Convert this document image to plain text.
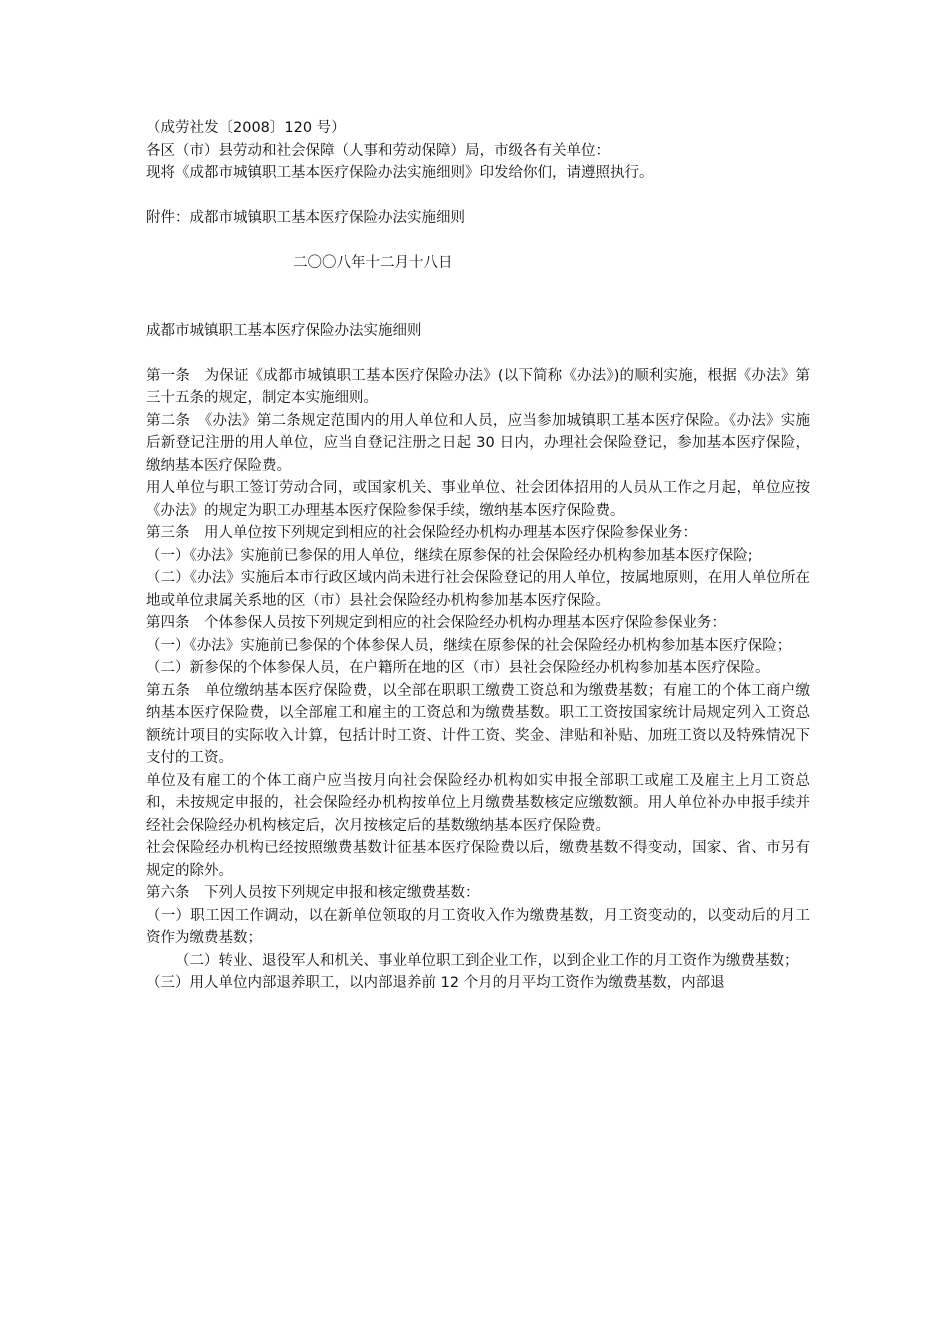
（成劳社发〔2008〕120 号）

各区（市）县劳动和社会保障（人事和劳动保障）局，市级各有关单位：

现将《成都市城镇职工基本医疗保险办法实施细则》印发给你们，请遵照执行。

附件：成都市城镇职工基本医疗保险办法实施细则

二〇〇八年十二月十八日

成都市城镇职工基本医疗保险办法实施细则

第一条　为保证《成都市城镇职工基本医疗保险办法》(以下简称《办法》)的顺利实施，根据《办法》第三十五条的规定，制定本实施细则。

第二条　《办法》第二条规定范围内的用人单位和人员，应当参加城镇职工基本医疗保险。《办法》实施后新登记注册的用人单位，应当自登记注册之日起 30 日内，办理社会保险登记，参加基本医疗保险，缴纳基本医疗保险费。

用人单位与职工签订劳动合同，或国家机关、事业单位、社会团体招用的人员从工作之月起，单位应按《办法》的规定为职工办理基本医疗保险参保手续，缴纳基本医疗保险费。

第三条　用人单位按下列规定到相应的社会保险经办机构办理基本医疗保险参保业务：

（一）《办法》实施前已参保的用人单位，继续在原参保的社会保险经办机构参加基本医疗保险;

（二）《办法》实施后本市行政区域内尚未进行社会保险登记的用人单位，按属地原则，在用人单位所在地或单位隶属关系地的区（市）县社会保险经办机构参加基本医疗保险。

第四条　个体参保人员按下列规定到相应的社会保险经办机构办理基本医疗保险参保业务：

（一）《办法》实施前已参保的个体参保人员，继续在原参保的社会保险经办机构参加基本医疗保险；

（二）新参保的个体参保人员，在户籍所在地的区（市）县社会保险经办机构参加基本医疗保险。

第五条　单位缴纳基本医疗保险费，以全部在职职工缴费工资总和为缴费基数；有雇工的个体工商户缴纳基本医疗保险费，以全部雇工和雇主的工资总和为缴费基数。职工工资按国家统计局规定列入工资总额统计项目的实际收入计算，包括计时工资、计件工资、奖金、津贴和补贴、加班工资以及特殊情况下支付的工资。

单位及有雇工的个体工商户应当按月向社会保险经办机构如实申报全部职工或雇工及雇主上月工资总和，未按规定申报的，社会保险经办机构按单位上月缴费基数核定应缴数额。用人单位补办申报手续并经社会保险经办机构核定后，次月按核定后的基数缴纳基本医疗保险费。

社会保险经办机构已经按照缴费基数计征基本医疗保险费以后，缴费基数不得变动，国家、省、市另有规定的除外。

第六条　下列人员按下列规定申报和核定缴费基数：

（一）职工因工作调动，以在新单位领取的月工资收入作为缴费基数，月工资变动的，以变动后的月工资作为缴费基数；

（二）转业、退役军人和机关、事业单位职工到企业工作，以到企业工作的月工资作为缴费基数；

（三）用人单位内部退养职工，以内部退养前 12 个月的月平均工资作为缴费基数，内部退
